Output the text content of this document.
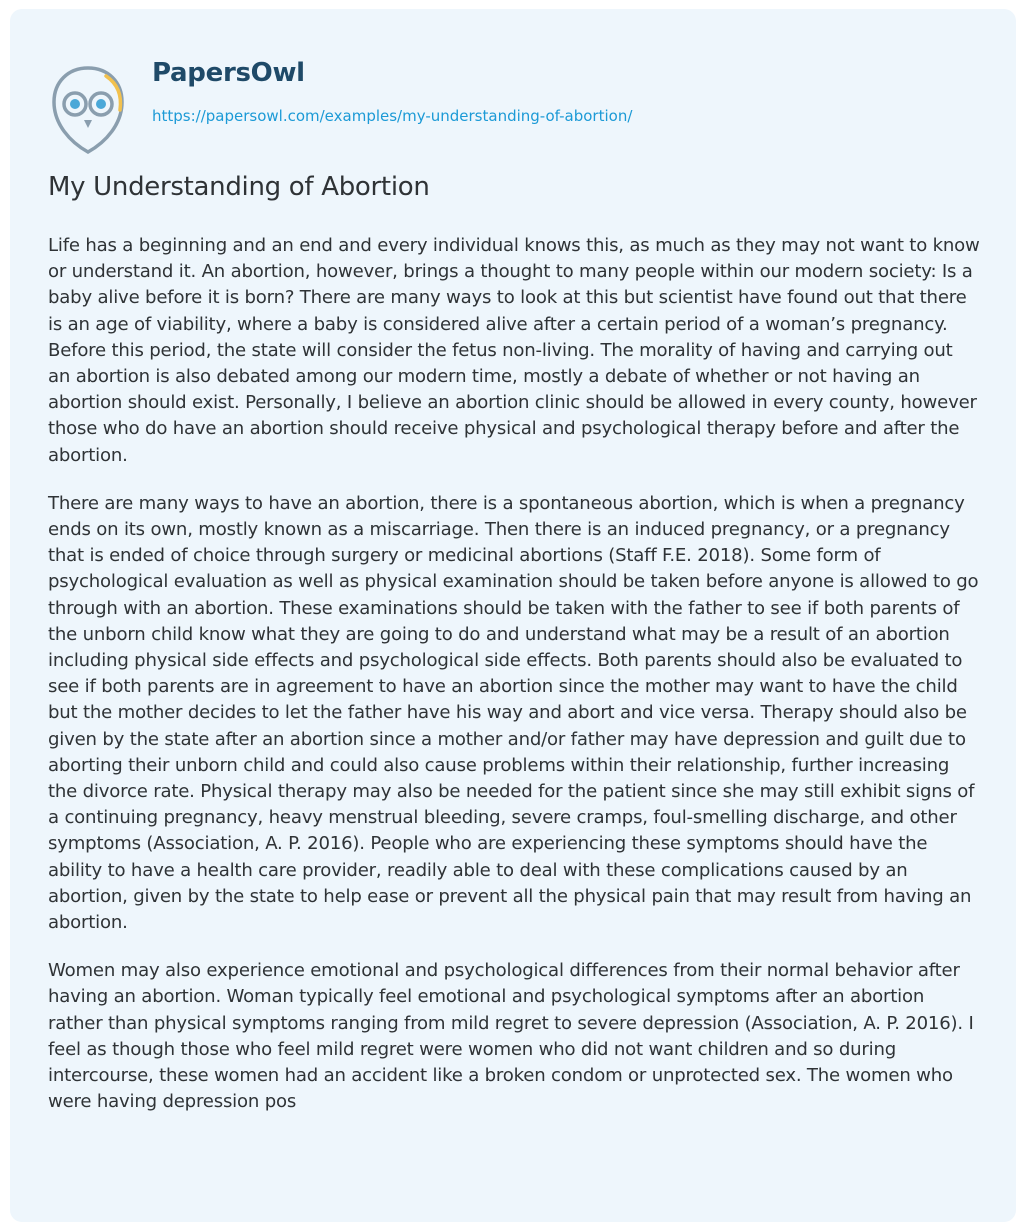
PapersOwl
https://papersowl.com/examples/my-understanding-of-abortion/
My Understanding of Abortion

Life has a beginning and an end and every individual knows this, as much as they may not want to know or understand it. An abortion, however, brings a thought to many people within our modern society: Is a baby alive before it is born? There are many ways to look at this but scientist have found out that there is an age of viability, where a baby is considered alive after a certain period of a woman’s pregnancy. Before this period, the state will consider the fetus non-living. The morality of having and carrying out an abortion is also debated among our modern time, mostly a debate of whether or not having an abortion should exist. Personally, I believe an abortion clinic should be allowed in every county, however those who do have an abortion should receive physical and psychological therapy before and after the abortion.

There are many ways to have an abortion, there is a spontaneous abortion, which is when a pregnancy ends on its own, mostly known as a miscarriage. Then there is an induced pregnancy, or a pregnancy that is ended of choice through surgery or medicinal abortions (Staff F.E. 2018). Some form of psychological evaluation as well as physical examination should be taken before anyone is allowed to go through with an abortion. These examinations should be taken with the father to see if both parents of the unborn child know what they are going to do and understand what may be a result of an abortion including physical side effects and psychological side effects. Both parents should also be evaluated to see if both parents are in agreement to have an abortion since the mother may want to have the child but the mother decides to let the father have his way and abort and vice versa. Therapy should also be given by the state after an abortion since a mother and/or father may have depression and guilt due to aborting their unborn child and could also cause problems within their relationship, further increasing the divorce rate. Physical therapy may also be needed for the patient since she may still exhibit signs of a continuing pregnancy, heavy menstrual bleeding, severe cramps, foul-smelling discharge, and other symptoms (Association, A. P. 2016). People who are experiencing these symptoms should have the ability to have a health care provider, readily able to deal with these complications caused by an abortion, given by the state to help ease or prevent all the physical pain that may result from having an abortion.

Women may also experience emotional and psychological differences from their normal behavior after having an abortion. Woman typically feel emotional and psychological symptoms after an abortion rather than physical symptoms ranging from mild regret to severe depression (Association, A. P. 2016). I feel as though those who feel mild regret were women who did not want children and so during intercourse, these women had an accident like a broken condom or unprotected sex. The women who were having depression pos
